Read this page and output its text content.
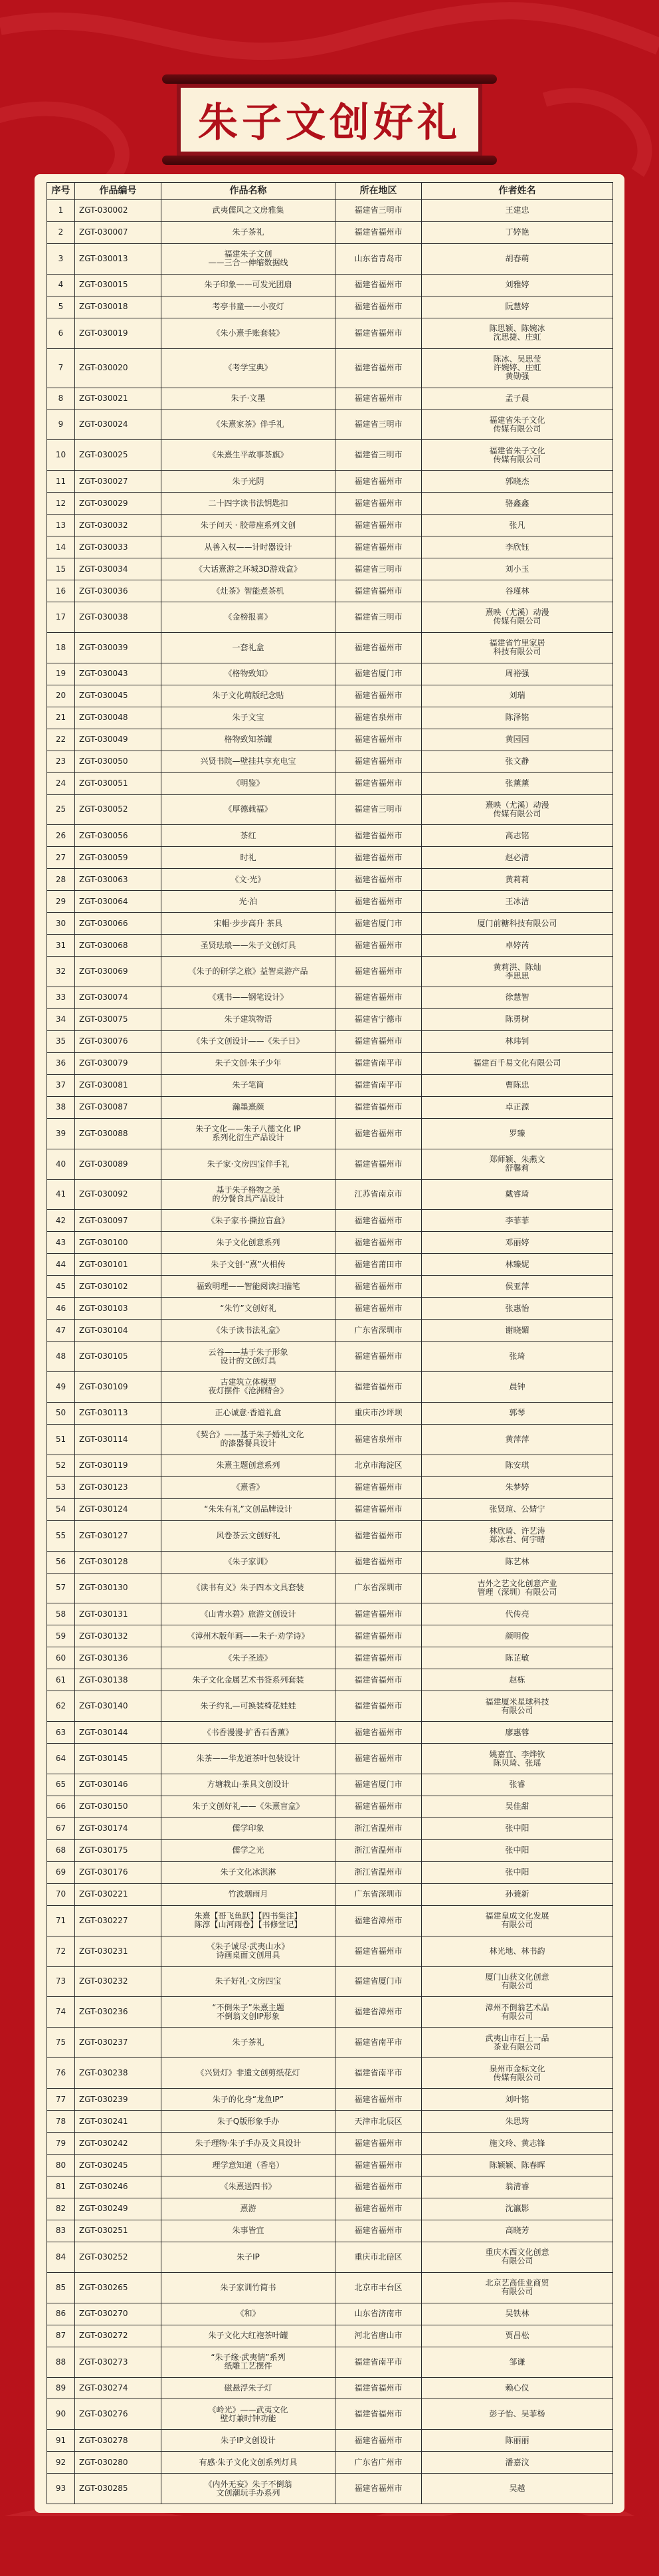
朱子文创好礼
序号	作品编号	作品名称	所在地区	作者姓名
1	ZGT-030002	武夷儒风之文房雅集	福建省三明市	王建忠
2	ZGT-030007	朱子茶礼	福建省福州市	丁婷艳
3	ZGT-030013	福建朱子文创
——三合一伸缩数据线	山东省青岛市	胡春萌
4	ZGT-030015	朱子印象——可发光团扇	福建省福州市	刘雅婷
5	ZGT-030018	考亭书童——小夜灯	福建省福州市	阮慧婷
6	ZGT-030019	《朱小熹手账套装》	福建省福州市	陈思颖、陈婉冰
沈思捷、庄虹
7	ZGT-030020	《考学宝典》	福建省福州市	陈冰、吴思莹
许婉婷、庄虹
黄勋强
8	ZGT-030021	朱子·文墨	福建省福州市	孟子晨
9	ZGT-030024	《朱熹家茶》伴手礼	福建省三明市	福建省朱子文化
传媒有限公司
10	ZGT-030025	《朱熹生平故事茶旗》	福建省三明市	福建省朱子文化
传媒有限公司
11	ZGT-030027	朱子光阴	福建省福州市	郭晓杰
12	ZGT-030029	二十四字读书法钥匙扣	福建省福州市	骆鑫鑫
13	ZGT-030032	朱子问天 · 胶带座系列文创	福建省福州市	张凡
14	ZGT-030033	从善入权——计时器设计	福建省福州市	李欣钰
15	ZGT-030034	《大话熹游之环城3D游戏盒》	福建省三明市	刘小玉
16	ZGT-030036	《灶茶》智能煮茶机	福建省福州市	谷瑾林
17	ZGT-030038	《金榜报喜》	福建省三明市	熹映（尤溪）动漫
传媒有限公司
18	ZGT-030039	一套礼盒	福建省福州市	福建省竹里家居
科技有限公司
19	ZGT-030043	《格物致知》	福建省厦门市	周裕强
20	ZGT-030045	朱子文化萌版纪念贴	福建省福州市	刘瑞
21	ZGT-030048	朱子文宝	福建省泉州市	陈泽铭
22	ZGT-030049	格物致知茶罐	福建省福州市	黄园园
23	ZGT-030050	兴贤书院—壁挂共享充电宝	福建省福州市	张文静
24	ZGT-030051	《明鉴》	福建省福州市	张薰薰
25	ZGT-030052	《厚德载福》	福建省三明市	熹映（尤溪）动漫
传媒有限公司
26	ZGT-030056	茶红	福建省福州市	高志铭
27	ZGT-030059	时礼	福建省福州市	赵必清
28	ZGT-030063	《文·光》	福建省福州市	黄莉莉
29	ZGT-030064	光·泊	福建省福州市	王冰洁
30	ZGT-030066	宋帽·步步高升 茶具	福建省厦门市	厦门前糖科技有限公司
31	ZGT-030068	圣贤珐琅——朱子文创灯具	福建省福州市	卓婷芮
32	ZGT-030069	《朱子的研学之旅》益智桌游产品	福建省福州市	黄莉洪、陈灿
李思思
33	ZGT-030074	《观书——钢笔设计》	福建省福州市	徐慧智
34	ZGT-030075	朱子建筑物语	福建省宁德市	陈勇树
35	ZGT-030076	《朱子文创设计——《朱子日》	福建省福州市	林玮钊
36	ZGT-030079	朱子文创·朱子少年	福建省南平市	福建百千易文化有限公司
37	ZGT-030081	朱子笔筒	福建省南平市	曹陈忠
38	ZGT-030087	瀚墨熹颜	福建省福州市	卓正源
39	ZGT-030088	朱子文化——朱子八德文化 IP
系列化衍生产品设计	福建省福州市	罗臻
40	ZGT-030089	朱子家·文房四宝伴手礼	福建省福州市	郑师颖、朱燕文
舒馨莉
41	ZGT-030092	基于朱子格物之美
的分餐食具产品设计	江苏省南京市	戴睿琦
42	ZGT-030097	《朱子家书·撕拉盲盒》	福建省福州市	李菲菲
43	ZGT-030100	朱子文化创意系列	福建省福州市	邓丽婷
44	ZGT-030101	朱子文创·“熹”火相传	福建省莆田市	林臻妮
45	ZGT-030102	福致明理——智能阅读扫描笔	福建省福州市	侯亚萍
46	ZGT-030103	“朱竹”文创好礼	福建省福州市	张惠怡
47	ZGT-030104	《朱子读书法礼盒》	广东省深圳市	谢晓媚
48	ZGT-030105	云谷——基于朱子形象
设计的文创灯具	福建省福州市	张琦
49	ZGT-030109	古建筑立体模型
夜灯摆件《沧洲精舍》	福建省福州市	晨钟
50	ZGT-030113	正心诚意·香道礼盒	重庆市沙坪坝	郭琴
51	ZGT-030114	《契合》——基于朱子婚礼文化
的漆器餐具设计	福建省泉州市	黄萍萍
52	ZGT-030119	朱熹主题创意系列	北京市海淀区	陈安琪
53	ZGT-030123	《熹香》	福建省福州市	朱梦婷
54	ZGT-030124	“朱朱有礼”文创品牌设计	福建省福州市	张贤瑄、公婧宁
55	ZGT-030127	风卷茶云文创好礼	福建省福州市	林欣琦、许艺涛
郑冰君、何宇晴
56	ZGT-030128	《朱子家训》	福建省福州市	陈艺林
57	ZGT-030130	《读书有义》朱子四本文具套装	广东省深圳市	吉外之艺文化创意产业
管理（深圳）有限公司
58	ZGT-030131	《山青水碧》旅游文创设计	福建省福州市	代传亮
59	ZGT-030132	《漳州木版年画——朱子·劝学诗》	福建省福州市	颜明俊
60	ZGT-030136	《朱子圣迹》	福建省福州市	陈芷敏
61	ZGT-030138	朱子文化金属艺术书签系列套装	福建省福州市	赵栋
62	ZGT-030140	朱子约礼—可换装椅花娃娃	福建省福州市	福建厦米星球科技
有限公司
63	ZGT-030144	《书香漫漫·扩香石香薰》	福建省福州市	廖惠蓉
64	ZGT-030145	朱茶——华龙道茶叶包装设计	福建省福州市	姚嘉宜、李烨钦
陈贝琦、张瑶
65	ZGT-030146	方塘栽山·茶具文创设计	福建省厦门市	张睿
66	ZGT-030150	朱子文创好礼——《朱熹盲盒》	福建省福州市	吴佳甜
67	ZGT-030174	儒学印象	浙江省温州市	张中阳
68	ZGT-030175	儒学之光	浙江省温州市	张中阳
69	ZGT-030176	朱子文化冰淇淋	浙江省温州市	张中阳
70	ZGT-030221	竹波烟雨月	广东省深圳市	孙蓑新
71	ZGT-030227	朱熹【哥飞鱼跃】【四书集注】
陈淳【山河雨卷】【书修堂记】	福建省漳州市	福建皇成文化发展
有限公司
72	ZGT-030231	《朱子诚尽·武夷山水》
诗画桌面文创用具	福建省福州市	林光地、林书韵
73	ZGT-030232	朱子好礼·文房四宝	福建省厦门市	厦门山获文化创意
有限公司
74	ZGT-030236	“不倒朱子”朱熹主题
不倒翁文创IP形象	福建省漳州市	漳州不倒翁艺术品
有限公司
75	ZGT-030237	朱子茶礼	福建省南平市	武夷山市石上一品
茶业有限公司
76	ZGT-030238	《兴贤灯》非遗文创剪纸花灯	福建省南平市	泉州市金标文化
传媒有限公司
77	ZGT-030239	朱子的化身“龙鱼IP”	福建省福州市	刘叶铭
78	ZGT-030241	朱子Q版形象手办	天津市北辰区	朱思筠
79	ZGT-030242	朱子理物·朱子手办及文具设计	福建省福州市	施文玲、黄志锋
80	ZGT-030245	理学意知道（香皂）	福建省福州市	陈颖颖、陈春晖
81	ZGT-030246	《朱熹送四书》	福建省福州市	翁清睿
82	ZGT-030249	熹游	福建省福州市	沈瀛影
83	ZGT-030251	朱事皆宜	福建省福州市	高晓芳
84	ZGT-030252	朱子IP	重庆市北碚区	重庆木西文化创意
有限公司
85	ZGT-030265	朱子家训竹简书	北京市丰台区	北京艺高佳业商贸
有限公司
86	ZGT-030270	《和》	山东省济南市	吴铁林
87	ZGT-030272	朱子文化大红袍茶叶罐	河北省唐山市	贾昌松
88	ZGT-030273	“朱子缘·武夷情”系列
纸雕工艺摆件	福建省南平市	邹谦
89	ZGT-030274	磁悬浮朱子灯	福建省福州市	赖心仪
90	ZGT-030276	《岭光》——武夷文化
壁灯兼时钟功能	福建省福州市	彭子怡、吴菲杨
91	ZGT-030278	朱子IP文创设计	福建省福州市	陈丽丽
92	ZGT-030280	有感·朱子文化文创系列灯具	广东省广州市	潘嘉汶
93	ZGT-030285	《内外无妄》朱子不倒翁
文创潮玩手办系列	福建省福州市	吴越
